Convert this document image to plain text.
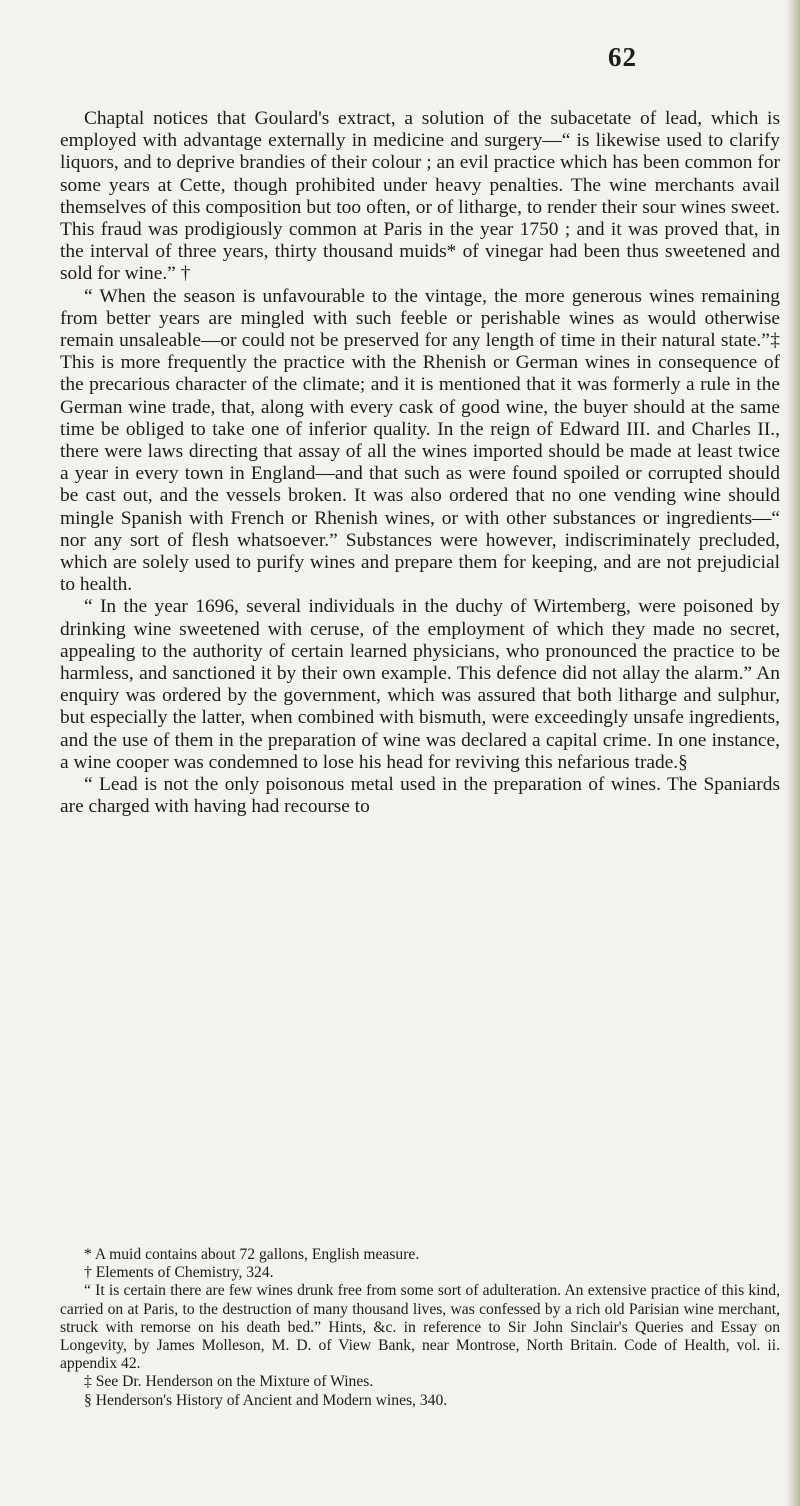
62

Chaptal notices that Goulard's extract, a solution of the subacetate of lead, which is employed with advantage externally in medicine and surgery—“ is likewise used to clarify liquors, and to deprive brandies of their colour ; an evil practice which has been common for some years at Cette, though prohibited under heavy penalties. The wine merchants avail themselves of this composition but too often, or of litharge, to render their sour wines sweet. This fraud was prodigiously common at Paris in the year 1750 ; and it was proved that, in the interval of three years, thirty thousand muids* of vinegar had been thus sweetened and sold for wine.” †

“ When the season is unfavourable to the vintage, the more generous wines remaining from better years are mingled with such feeble or perishable wines as would otherwise remain unsaleable—or could not be preserved for any length of time in their natural state.”‡ This is more frequently the practice with the Rhenish or German wines in consequence of the precarious character of the climate; and it is mentioned that it was formerly a rule in the German wine trade, that, along with every cask of good wine, the buyer should at the same time be obliged to take one of inferior quality. In the reign of Edward III. and Charles II., there were laws directing that assay of all the wines imported should be made at least twice a year in every town in England—and that such as were found spoiled or corrupted should be cast out, and the vessels broken. It was also ordered that no one vending wine should mingle Spanish with French or Rhenish wines, or with other substances or ingredients—“ nor any sort of flesh whatsoever.” Substances were however, indiscriminately precluded, which are solely used to purify wines and prepare them for keeping, and are not prejudicial to health.

“ In the year 1696, several individuals in the duchy of Wirtemberg, were poisoned by drinking wine sweetened with ceruse, of the employment of which they made no secret, appealing to the authority of certain learned physicians, who pronounced the practice to be harmless, and sanctioned it by their own example. This defence did not allay the alarm.” An enquiry was ordered by the government, which was assured that both litharge and sulphur, but especially the latter, when combined with bismuth, were exceedingly unsafe ingredients, and the use of them in the preparation of wine was declared a capital crime. In one instance, a wine cooper was condemned to lose his head for reviving this nefarious trade.§

“ Lead is not the only poisonous metal used in the preparation of wines. The Spaniards are charged with having had recourse to

* A muid contains about 72 gallons, English measure.

† Elements of Chemistry, 324.

“ It is certain there are few wines drunk free from some sort of adulteration. An extensive practice of this kind, carried on at Paris, to the destruction of many thousand lives, was confessed by a rich old Parisian wine merchant, struck with remorse on his death bed.” Hints, &c. in reference to Sir John Sinclair's Queries and Essay on Longevity, by James Molleson, M. D. of View Bank, near Montrose, North Britain. Code of Health, vol. ii. appendix 42.

‡ See Dr. Henderson on the Mixture of Wines.

§ Henderson's History of Ancient and Modern wines, 340.
